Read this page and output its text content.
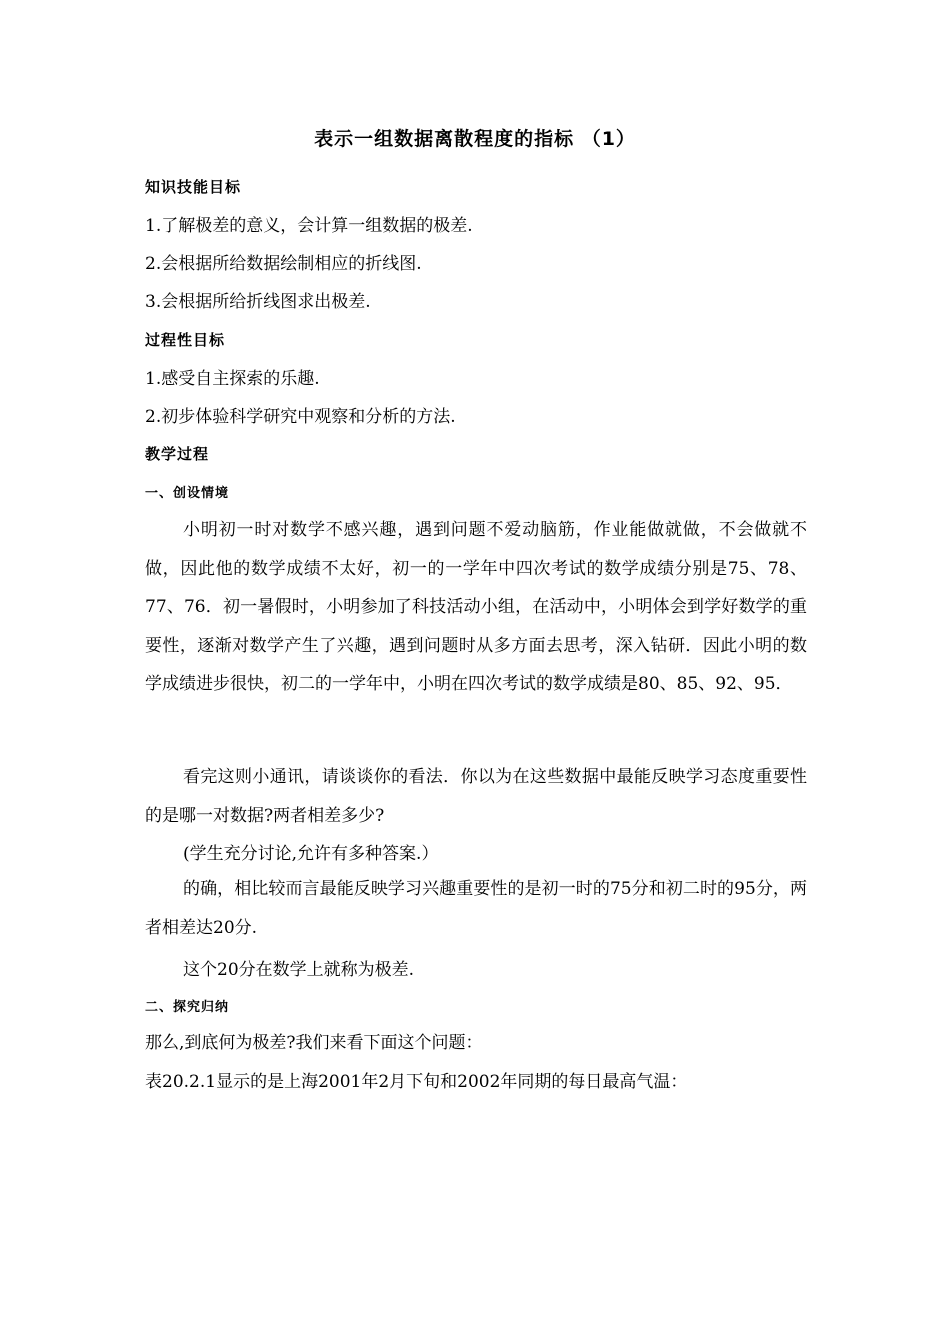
表示一组数据离散程度的指标 （1）
知识技能目标
1.了解极差的意义，会计算一组数据的极差.
2.会根据所给数据绘制相应的折线图.
3.会根据所给折线图求出极差.
过程性目标
1.感受自主探索的乐趣.
2.初步体验科学研究中观察和分析的方法.
教学过程
一、创设情境

小明初一时对数学不感兴趣，遇到问题不爱动脑筋，作业能做就做，不会做就不做，因此他的数学成绩不太好，初一的一学年中四次考试的数学成绩分别是75、78、77、76．初一暑假时，小明参加了科技活动小组，在活动中，小明体会到学好数学的重要性，逐渐对数学产生了兴趣，遇到问题时从多方面去思考，深入钻研．因此小明的数学成绩进步很快，初二的一学年中，小明在四次考试的数学成绩是80、85、92、95．

看完这则小通讯，请谈谈你的看法．你以为在这些数据中最能反映学习态度重要性的是哪一对数据?两者相差多少?

(学生充分讨论,允许有多种答案.）

的确，相比较而言最能反映学习兴趣重要性的是初一时的75分和初二时的95分，两者相差达20分.

这个20分在数学上就称为极差.
二、探究归纳
那么,到底何为极差?我们来看下面这个问题：
表20.2.1显示的是上海2001年2月下旬和2002年同期的每日最高气温：
